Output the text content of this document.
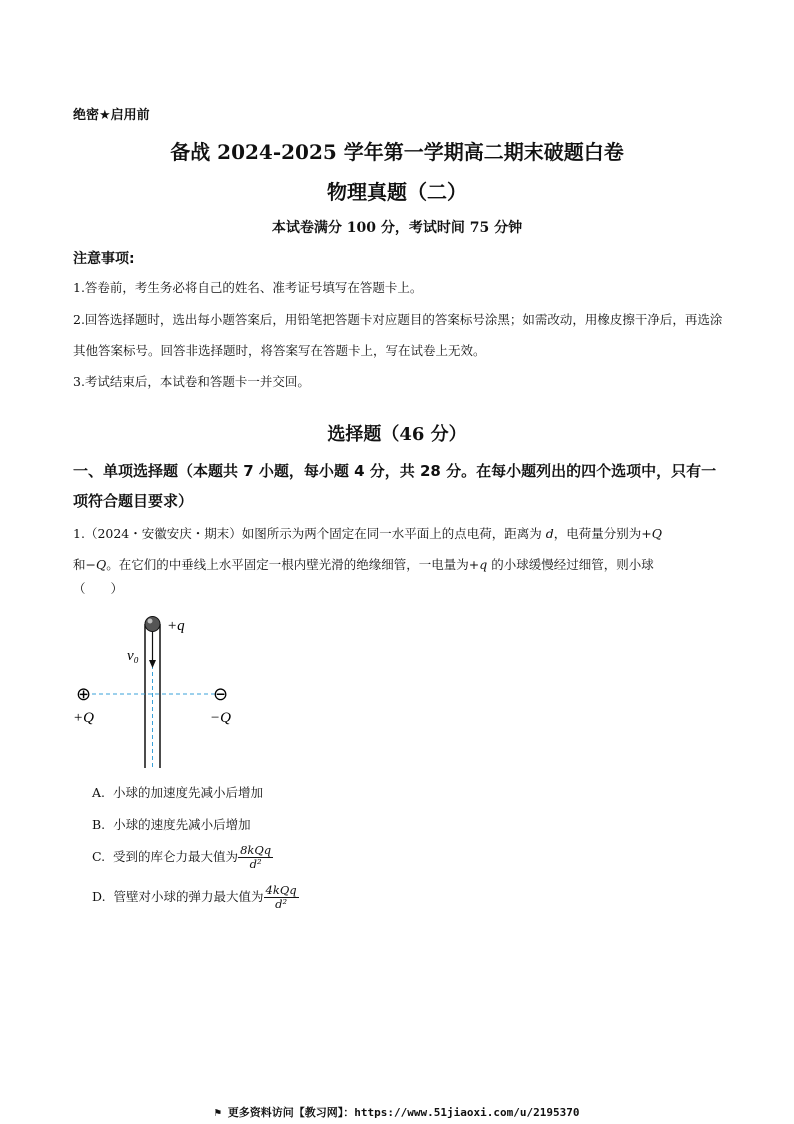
绝密★启用前
备战 2024-2025 学年第一学期高二期末破题白卷
物理真题（二）
本试卷满分 100 分，考试时间 75 分钟
注意事项:
1.答卷前，考生务必将自己的姓名、准考证号填写在答题卡上。
2.回答选择题时，选出每小题答案后，用铅笔把答题卡对应题目的答案标号涂黑；如需改动，用橡皮擦干净后，再选涂其他答案标号。回答非选择题时，将答案写在答题卡上，写在试卷上无效。
3.考试结束后，本试卷和答题卡一并交回。
选择题（46 分）
一、单项选择题（本题共 7 小题，每小题 4 分，共 28 分。在每小题列出的四个选项中，只有一项符合题目要求）
1.（2024・安徽安庆・期末）如图所示为两个固定在同一水平面上的点电荷，距离为 d，电荷量分别为+Q
和−Q。在它们的中垂线上水平固定一根内壁光滑的绝缘细管，一电量为+q 的小球缓慢经过细管，则小球
（　　）
+q
v₀
⊕
+Q
⊖
−Q
A. 小球的加速度先减小后增加
B. 小球的速度先减小后增加
C. 受到的库仑力最大值为 $\frac{\text{8kQq}}{\text{d²}}$
D. 管壁对小球的弹力最大值为 $\frac{\text{4kQq}}{\text{d²}}$
⚑ 更多资料访问【教习网】：https://www.51jiaoxi.com/u/2195370
